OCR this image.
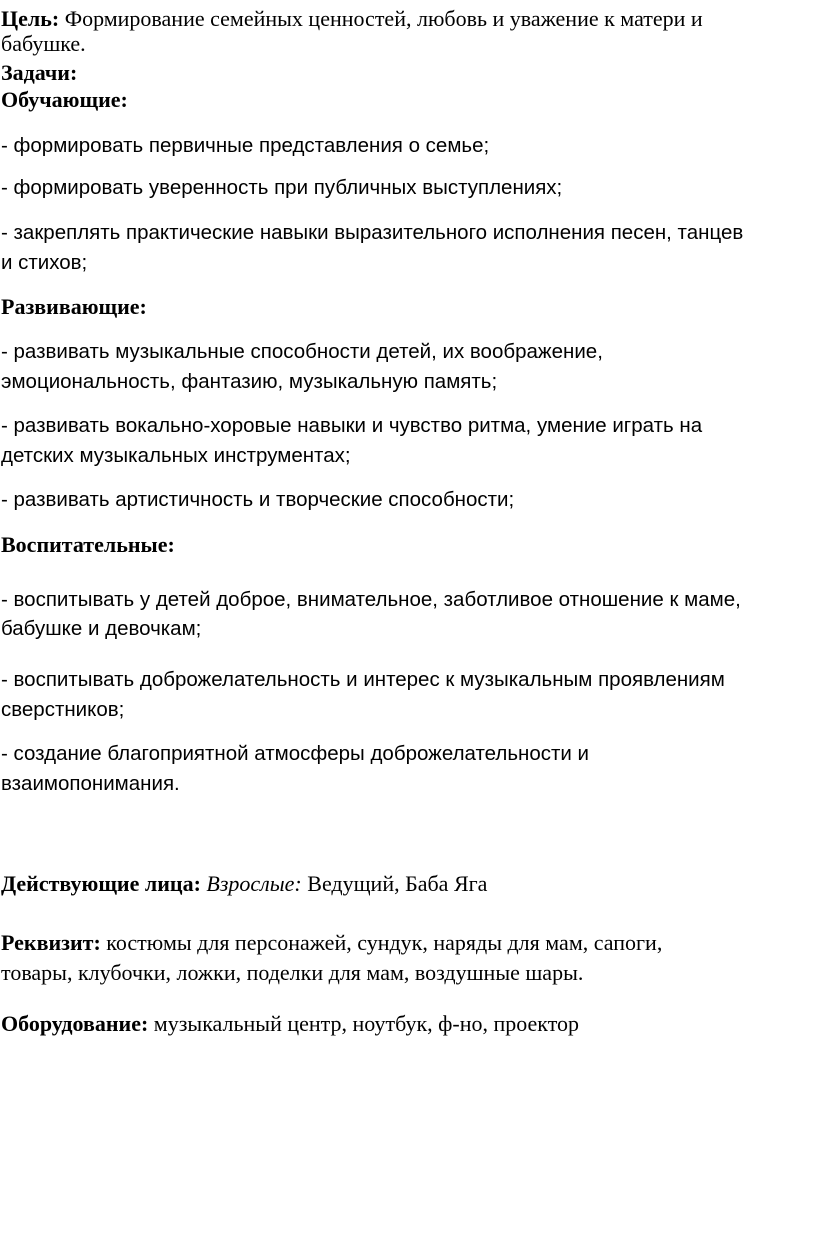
Цель: Формирование семейных ценностей, любовь и уважение к матери и
бабушке.
Задачи:
Обучающие:
- формировать первичные представления о семье;
- формировать уверенность при публичных выступлениях;
- закреплять практические навыки выразительного исполнения песен, танцев
и стихов;
Развивающие:
- развивать музыкальные способности детей, их воображение,
эмоциональность, фантазию, музыкальную память;
- развивать вокально-хоровые навыки и чувство ритма, умение играть на
детских музыкальных инструментах;
- развивать артистичность и творческие способности;
Воспитательные:
- воспитывать у детей доброе, внимательное, заботливое отношение к маме,
бабушке и девочкам;
- воспитывать доброжелательность и интерес к музыкальным проявлениям
сверстников;
- создание благоприятной атмосферы доброжелательности и
взаимопонимания.
Действующие лица: Взрослые: Ведущий, Баба Яга
Реквизит: костюмы для персонажей, сундук, наряды для мам, сапоги,
товары, клубочки, ложки, поделки для мам, воздушные шары.
Оборудование: музыкальный центр, ноутбук, ф-но, проектор
